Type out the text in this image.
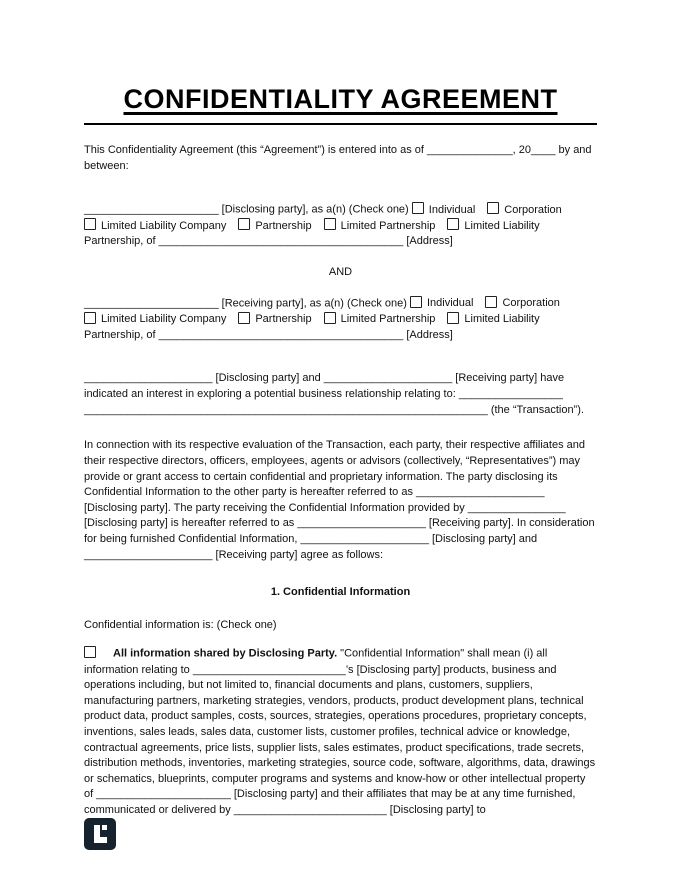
CONFIDENTIALITY AGREEMENT

This Confidentiality Agreement (this “Agreement”) is entered into as of ______________, 20____ by and between:

______________________ [Disclosing party], as a(n) (Check one) Individual	Corporation
Limited Liability Company	Partnership	Limited Partnership	Limited Liability
Partnership, of ________________________________________ [Address]
AND
______________________ [Receiving party], as a(n) (Check one) Individual	Corporation
Limited Liability Company	Partnership	Limited Partnership	Limited Liability
Partnership, of ________________________________________ [Address]
_____________________ [Disclosing party] and _____________________ [Receiving party] have
indicated an interest in exploring a potential business relationship relating to: _________________
__________________________________________________________________ (the “Transaction”).

In connection with its respective evaluation of the Transaction, each party, their respective affiliates and their respective directors, officers, employees, agents or advisors (collectively, “Representatives”) may provide or grant access to certain confidential and proprietary information. The party disclosing its Confidential Information to the other party is hereafter referred to as _____________________ [Disclosing party]. The party receiving the Confidential Information provided by ________________ [Disclosing party] is hereafter referred to as _____________________ [Receiving party]. In consideration for being furnished Confidential Information, _____________________ [Disclosing party] and _____________________ [Receiving party] agree as follows:

1. Confidential Information
Confidential information is: (Check one)

All information shared by Disclosing Party. "Confidential Information" shall mean (i) all information relating to _________________________’s [Disclosing party] products, business and operations including, but not limited to, financial documents and plans, customers, suppliers, manufacturing partners, marketing strategies, vendors, products, product development plans, technical product data, product samples, costs, sources, strategies, operations procedures, proprietary concepts, inventions, sales leads, sales data, customer lists, customer profiles, technical advice or knowledge, contractual agreements, price lists, supplier lists, sales estimates, product specifications, trade secrets, distribution methods, inventories, marketing strategies, source code, software, algorithms, data, drawings or schematics, blueprints, computer programs and systems and know-how or other intellectual property of ______________________ [Disclosing party] and their affiliates that may be at any time furnished, communicated or delivered by _________________________ [Disclosing party] to
